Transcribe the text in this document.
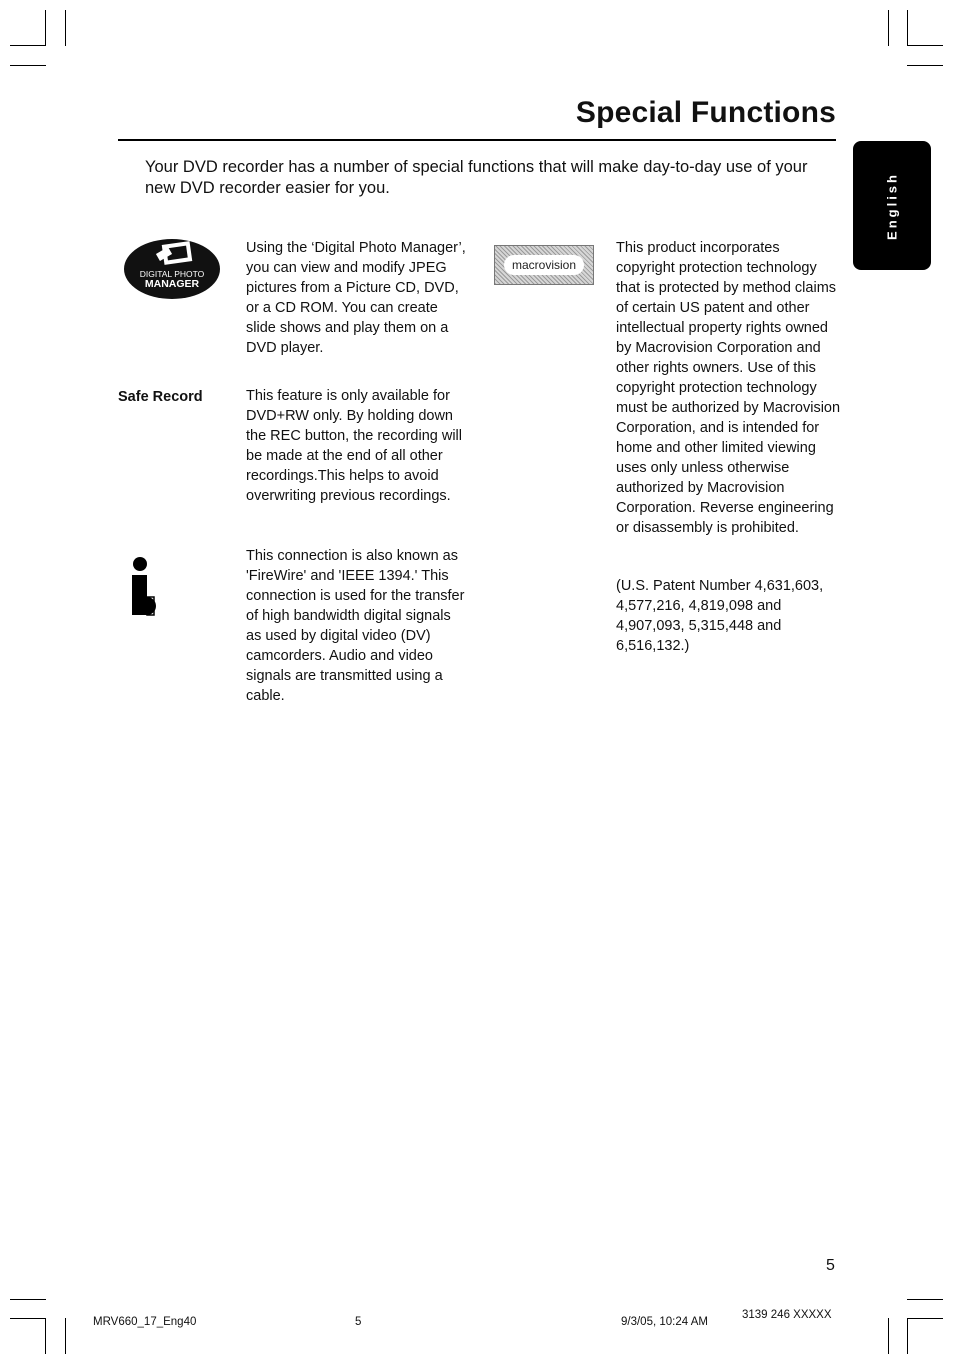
Special Functions
English

Your DVD recorder has a number of special functions that will make day-to-day use of your new DVD recorder easier for you.

DIGITAL PHOTO
MANAGER

Using the ‘Digital Photo Manager’, you can view and modify JPEG pictures from a Picture CD, DVD, or a CD ROM. You can create slide shows and play them on a DVD player.

Safe Record	This feature is only available for DVD+RW only. By holding down the REC button, the recording will be made at the end of all other recordings.This helps to avoid overwriting previous recordings.

This connection is also known as 'FireWire' and 'IEEE 1394.' This connection is used for the transfer of high bandwidth digital signals as used by digital video (DV) camcorders. Audio and video signals are transmitted using a cable.

macrovision

This product incorporates copyright protection technology that is protected by method claims of certain US patent and other intellectual property rights owned by Macrovision Corporation and other rights owners. Use of this copyright protection technology must be authorized by Macrovision Corporation, and is intended for home and other limited viewing uses only unless otherwise authorized by Macrovision Corporation. Reverse engineering or disassembly is prohibited.

(U.S. Patent Number 4,631,603, 4,577,216, 4,819,098 and 4,907,093, 5,315,448 and 6,516,132.)

5

MRV660_17_Eng40	5	9/3/05, 10:24 AM

3139 246 XXXXX
